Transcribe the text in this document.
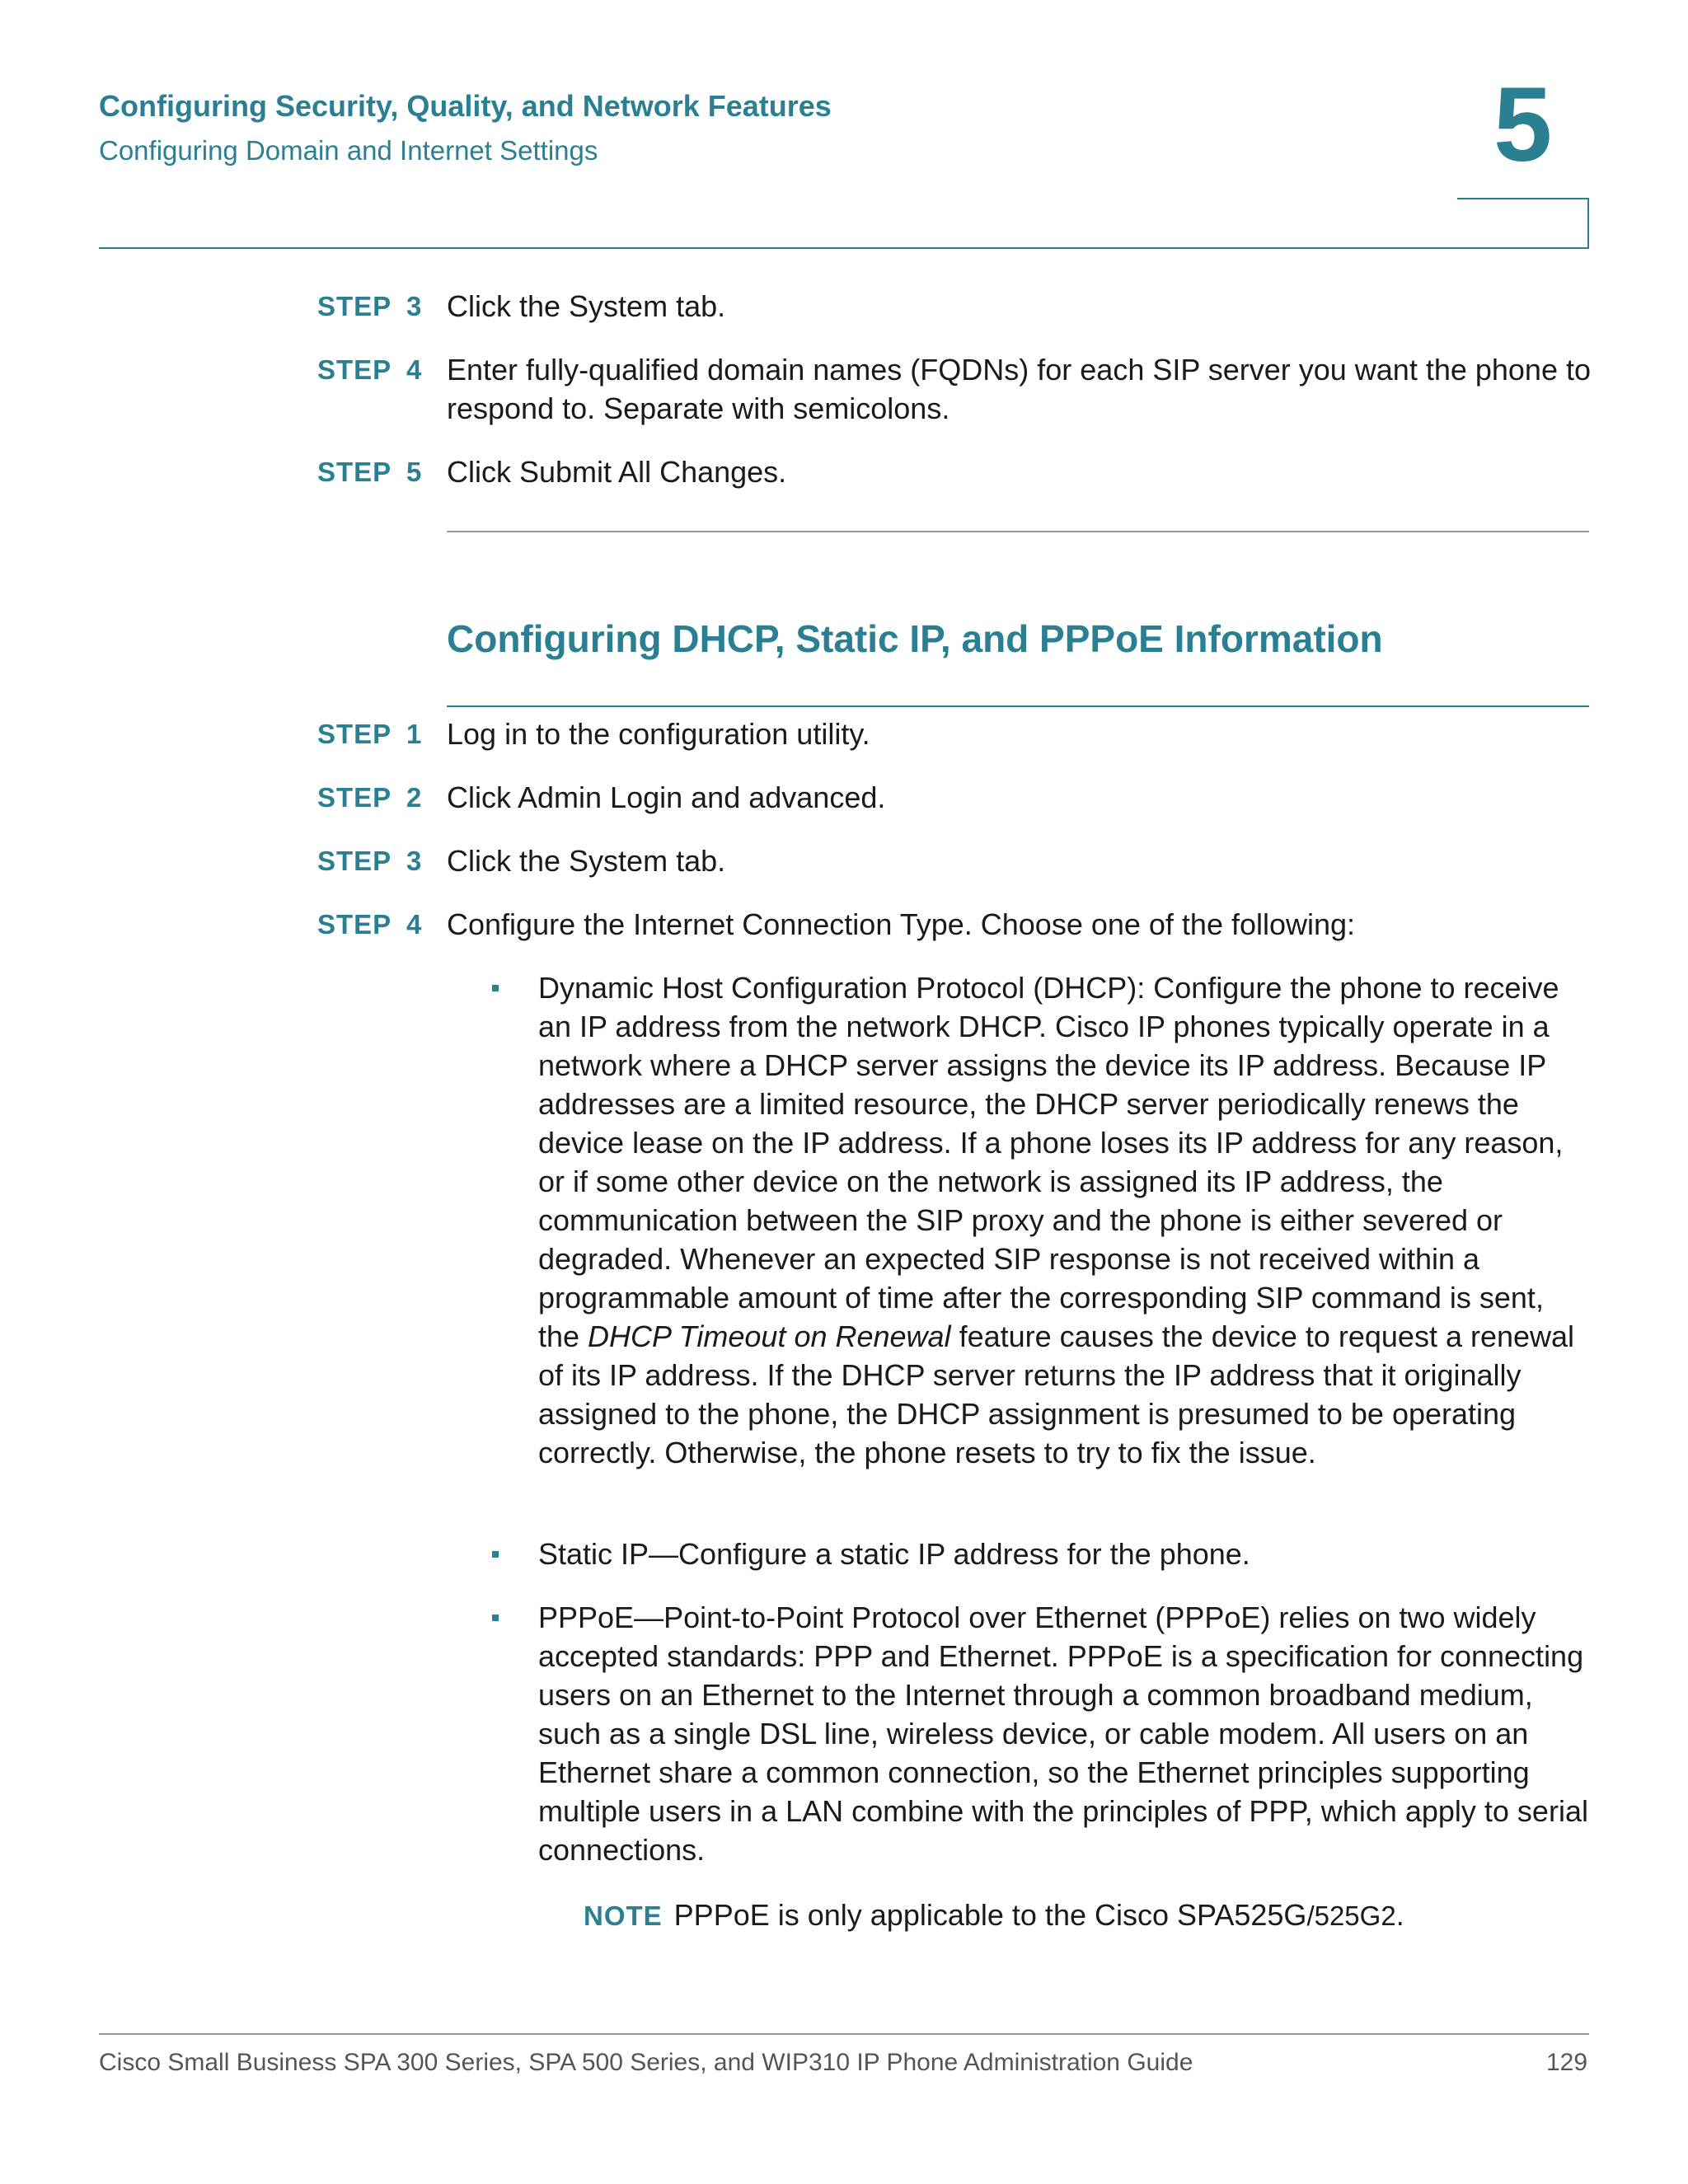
Configuring Security, Quality, and Network Features
Configuring Domain and Internet Settings	5
STEP 3 Click the System tab.
STEP 4 Enter fully-qualified domain names (FQDNs) for each SIP server you want the phone to respond to. Separate with semicolons.
STEP 5 Click Submit All Changes.
Configuring DHCP, Static IP, and PPPoE Information
STEP 1 Log in to the configuration utility.
STEP 2 Click Admin Login and advanced.
STEP 3 Click the System tab.
STEP 4 Configure the Internet Connection Type. Choose one of the following:
Dynamic Host Configuration Protocol (DHCP): Configure the phone to receive an IP address from the network DHCP. Cisco IP phones typically operate in a network where a DHCP server assigns the device its IP address. Because IP addresses are a limited resource, the DHCP server periodically renews the device lease on the IP address. If a phone loses its IP address for any reason, or if some other device on the network is assigned its IP address, the communication between the SIP proxy and the phone is either severed or degraded. Whenever an expected SIP response is not received within a programmable amount of time after the corresponding SIP command is sent, the DHCP Timeout on Renewal feature causes the device to request a renewal of its IP address. If the DHCP server returns the IP address that it originally assigned to the phone, the DHCP assignment is presumed to be operating correctly. Otherwise, the phone resets to try to fix the issue.
Static IP—Configure a static IP address for the phone.
PPPoE—Point-to-Point Protocol over Ethernet (PPPoE) relies on two widely accepted standards: PPP and Ethernet. PPPoE is a specification for connecting users on an Ethernet to the Internet through a common broadband medium, such as a single DSL line, wireless device, or cable modem. All users on an Ethernet share a common connection, so the Ethernet principles supporting multiple users in a LAN combine with the principles of PPP, which apply to serial connections.
NOTE PPPoE is only applicable to the Cisco SPA525G/525G2.
Cisco Small Business SPA 300 Series, SPA 500 Series, and WIP310 IP Phone Administration Guide	129
